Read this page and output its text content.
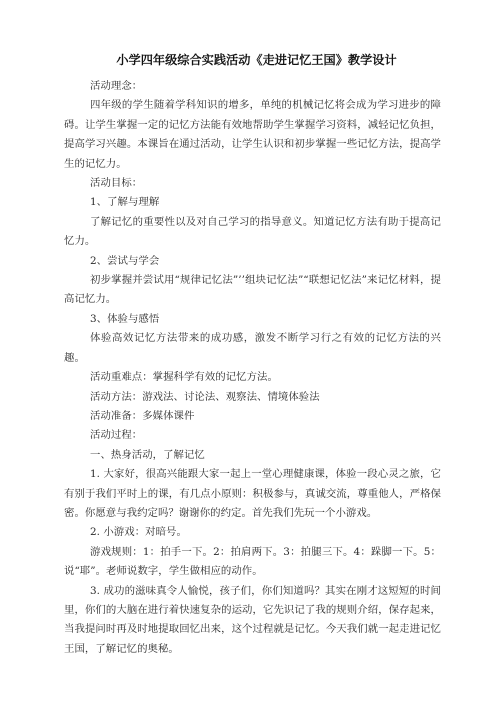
小学四年级综合实践活动《走进记忆王国》教学设计

活动理念：

四年级的学生随着学科知识的增多，单纯的机械记忆将会成为学习进步的障碍。让学生掌握一定的记忆方法能有效地帮助学生掌握学习资料，减轻记忆负担，提高学习兴趣。本课旨在通过活动，让学生认识和初步掌握一些记忆方法，提高学生的记忆力。

活动目标：

1、了解与理解

了解记忆的重要性以及对自己学习的指导意义。知道记忆方法有助于提高记忆力。

2、尝试与学会

初步掌握并尝试用“规律记忆法”’’组块记忆法”“联想记忆法”来记忆材料，提高记忆力。

3、体验与感悟

体验高效记忆方法带来的成功感，激发不断学习行之有效的记忆方法的兴趣。

活动重难点：掌握科学有效的记忆方法。

活动方法：游戏法、讨论法、观察法、情境体验法

活动准备：多媒体课件

活动过程：

一、热身活动，了解记忆

1. 大家好，很高兴能跟大家一起上一堂心理健康课，体验一段心灵之旅，它有别于我们平时上的课，有几点小原则：积极参与，真诚交流，尊重他人，严格保密。你愿意与我约定吗？谢谢你的约定。首先我们先玩一个小游戏。

2. 小游戏：对暗号。

游戏规则：1：拍手一下。2：拍肩两下。3：拍腿三下。4：跺脚一下。5： 说“耶”。老师说数字，学生做相应的动作。

3. 成功的滋味真令人愉悦，孩子们，你们知道吗？其实在刚才这短短的时间里，你们的大脑在进行着快速复杂的运动，它先识记了我的规则介绍，保存起来，当我提问时再及时地提取回忆出来，这个过程就是记忆。今天我们就一起走进记忆王国，了解记忆的奥秘。
